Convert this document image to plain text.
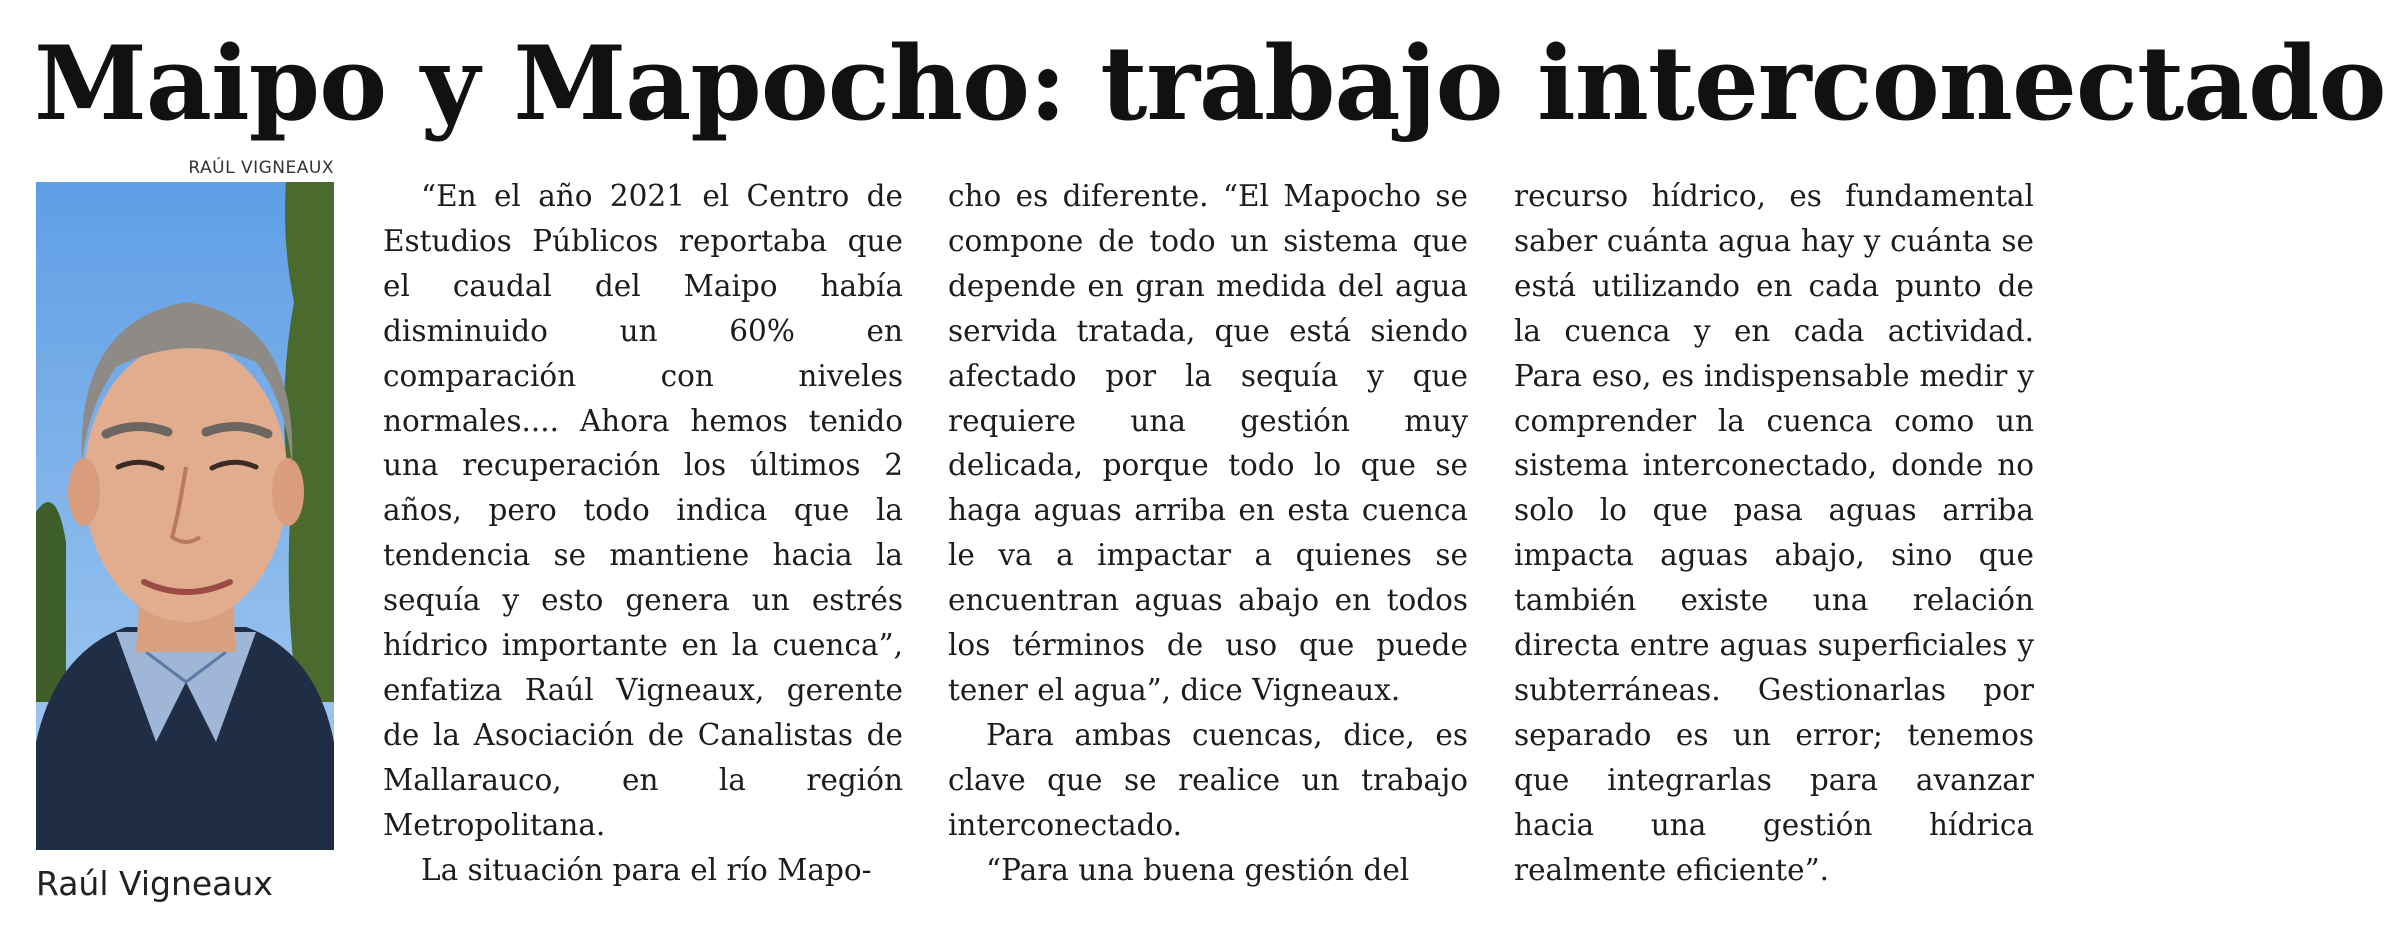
Maipo y Mapocho: trabajo interconectado
RAÚL VIGNEAUX
Raúl Vigneaux

“En el año 2021 el Centro de Estudios Públicos reportaba que el caudal del Maipo había disminuido un 60% en comparación con niveles normales.... Ahora hemos tenido una recuperación los últimos 2 años, pero todo indica que la tendencia se mantiene hacia la sequía y esto genera un estrés hídrico importante en la cuenca”, enfatiza Raúl Vigneaux, gerente de la Asociación de Canalistas de Mallarauco, en la región Metropolitana.

La situación para el río Mapo-

cho es diferente. “El Mapocho se compone de todo un sistema que depende en gran medida del agua servida tratada, que está siendo afectado por la sequía y que requiere una gestión muy delicada, porque todo lo que se haga aguas arriba en esta cuenca le va a impactar a quienes se encuentran aguas abajo en todos los términos de uso que puede tener el agua”, dice Vigneaux.

Para ambas cuencas, dice, es clave que se realice un trabajo interconectado.

“Para una buena gestión del

recurso hídrico, es fundamental saber cuánta agua hay y cuánta se está utilizando en cada punto de la cuenca y en cada actividad. Para eso, es indispensable medir y comprender la cuenca como un sistema interconectado, donde no solo lo que pasa aguas arriba impacta aguas abajo, sino que también existe una relación directa entre aguas superficiales y subterráneas. Gestionarlas por separado es un error; tenemos que integrarlas para avanzar hacia una gestión hídrica realmente eficiente”.
